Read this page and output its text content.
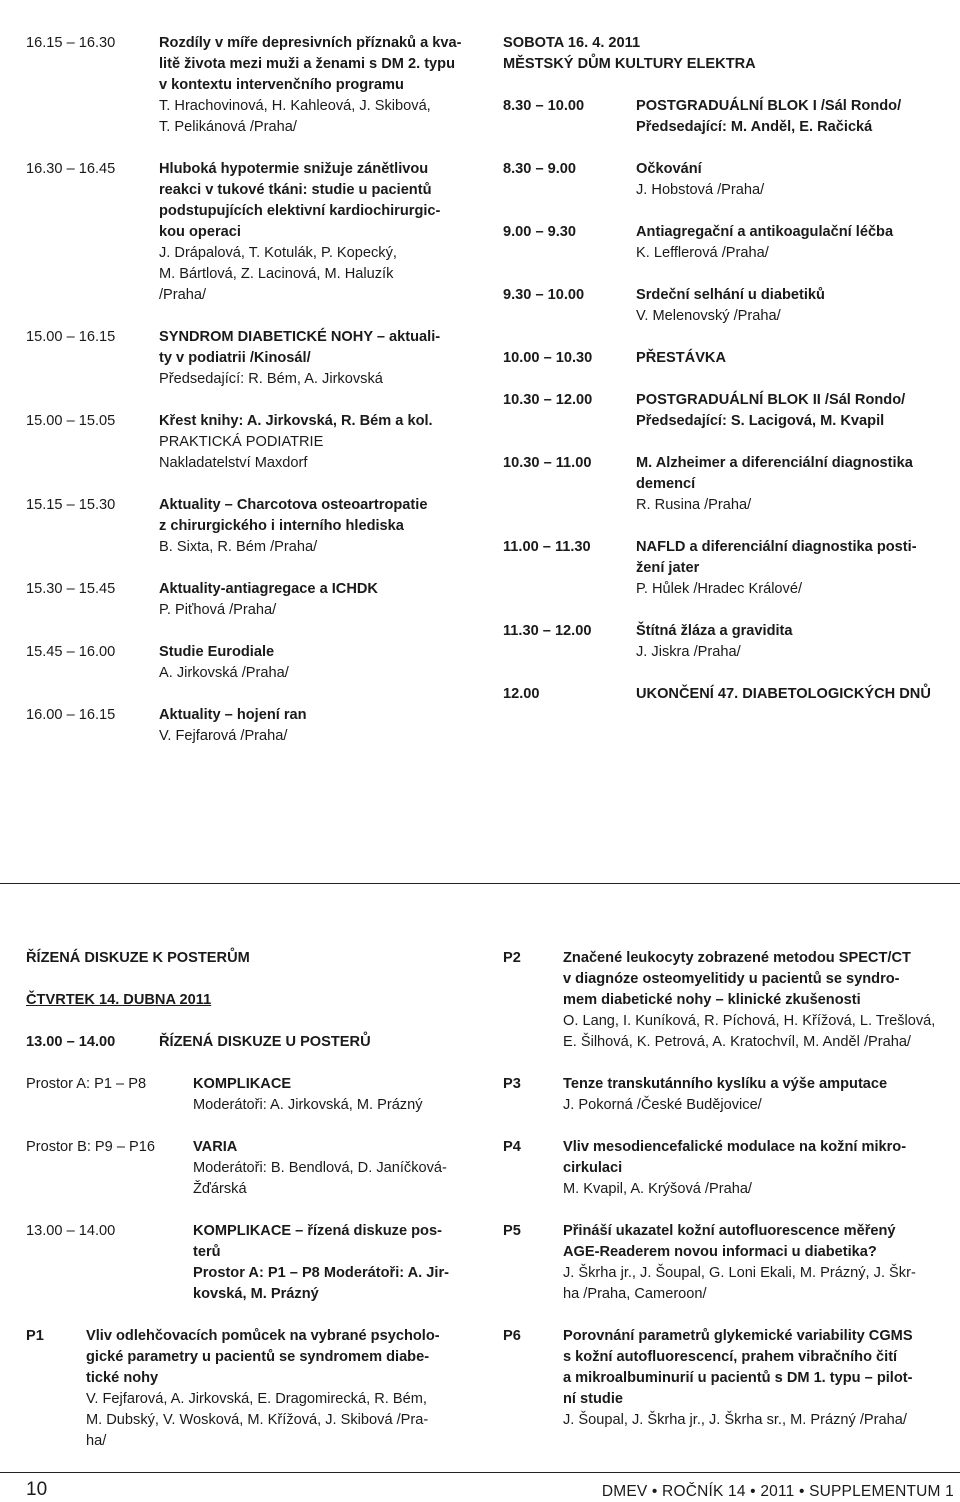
16.15 – 16.30	Rozdíly v míře depresivních příznaků a kva-
litě života mezi muži a ženami s DM 2. typu
v kontextu intervenčního programu
T. Hrachovinová, H. Kahleová, J. Skibová,
T. Pelikánová /Praha/
16.30 – 16.45	Hluboká hypotermie snižuje zánětlivou
reakci v tukové tkáni: studie u pacientů
podstupujících elektivní kardiochirurgic-
kou operaci
J. Drápalová, T. Kotulák, P. Kopecký,
M. Bártlová, Z. Lacinová, M. Haluzík
/Praha/
15.00 – 16.15	SYNDROM DIABETICKÉ NOHY – aktuali-
ty v podiatrii /Kinosál/
Předsedající: R. Bém, A. Jirkovská
15.00 – 15.05	Křest knihy: A. Jirkovská, R. Bém a kol.
PRAKTICKÁ PODIATRIE
Nakladatelství Maxdorf
15.15 – 15.30	Aktuality – Charcotova osteoartropatie
z chirurgického i interního hlediska
B. Sixta, R. Bém /Praha/
15.30 – 15.45	Aktuality-antiagregace a ICHDK
P. Piťhová /Praha/
15.45 – 16.00	Studie Eurodiale
A. Jirkovská /Praha/
16.00 – 16.15	Aktuality – hojení ran
V. Fejfarová /Praha/
SOBOTA 16. 4. 2011
MĚSTSKÝ DŮM KULTURY ELEKTRA
8.30 – 10.00	POSTGRADUÁLNÍ BLOK I /Sál Rondo/
Předsedající: M. Anděl, E. Račická
8.30 – 9.00	Očkování
J. Hobstová /Praha/
9.00 – 9.30	Antiagregační a antikoagulační léčba
K. Lefflerová /Praha/
9.30 – 10.00	Srdeční selhání u diabetiků
V. Melenovský /Praha/
10.00 – 10.30	PŘESTÁVKA
10.30 – 12.00	POSTGRADUÁLNÍ BLOK II /Sál Rondo/
Předsedající: S. Lacigová, M. Kvapil
10.30 – 11.00	M. Alzheimer a diferenciální diagnostika
demencí
R. Rusina /Praha/
11.00 – 11.30	NAFLD a diferenciální diagnostika posti-
žení jater
P. Hůlek /Hradec Králové/
11.30 – 12.00	Štítná žláza a gravidita
J. Jiskra /Praha/
12.00	UKONČENÍ 47. DIABETOLOGICKÝCH DNŮ
ŘÍZENÁ DISKUZE K POSTERŮM
ČTVRTEK 14. DUBNA 2011
13.00 – 14.00	ŘÍZENÁ DISKUZE U POSTERŮ
Prostor A: P1 – P8	KOMPLIKACE
Moderátoři: A. Jirkovská, M. Prázný
Prostor B: P9 – P16	VARIA
Moderátoři: B. Bendlová, D. Janíčková-
Žďárská
13.00 – 14.00	KOMPLIKACE – řízená diskuze pos-
terů
Prostor A: P1 – P8 Moderátoři: A. Jir-
kovská, M. Prázný
P1	Vliv odlehčovacích pomůcek na vybrané psycholo-
gické parametry u pacientů se syndromem diabe-
tické nohy
V. Fejfarová, A. Jirkovská, E. Dragomirecká, R. Bém,
M. Dubský, V. Wosková, M. Křížová, J. Skibová /Pra-
ha/
P2	Značené leukocyty zobrazené metodou SPECT/CT
v diagnóze osteomyelitidy u pacientů se syndro-
mem diabetické nohy – klinické zkušenosti
O. Lang, I. Kuníková, R. Píchová, H. Křížová, L. Trešlová,
E. Šilhová, K. Petrová, A. Kratochvíl, M. Anděl /Praha/
P3	Tenze transkutánního kyslíku a výše amputace
J. Pokorná /České Budějovice/
P4	Vliv mesodiencefalické modulace na kožní mikro-
cirkulaci
M. Kvapil, A. Krýšová /Praha/
P5	Přináší ukazatel kožní autofluorescence měřený
AGE-Readerem novou informaci u diabetika?
J. Škrha jr., J. Šoupal, G. Loni Ekali, M. Prázný, J. Škr-
ha /Praha, Cameroon/
P6	Porovnání parametrů glykemické variability CGMS
s kožní autofluorescencí, prahem vibračního čití
a mikroalbuminurií u pacientů s DM 1. typu – pilot-
ní studie
J. Šoupal, J. Škrha jr., J. Škrha sr., M. Prázný /Praha/
10	DMEV • ROČNÍK 14 • 2011 • SUPPLEMENTUM 1
